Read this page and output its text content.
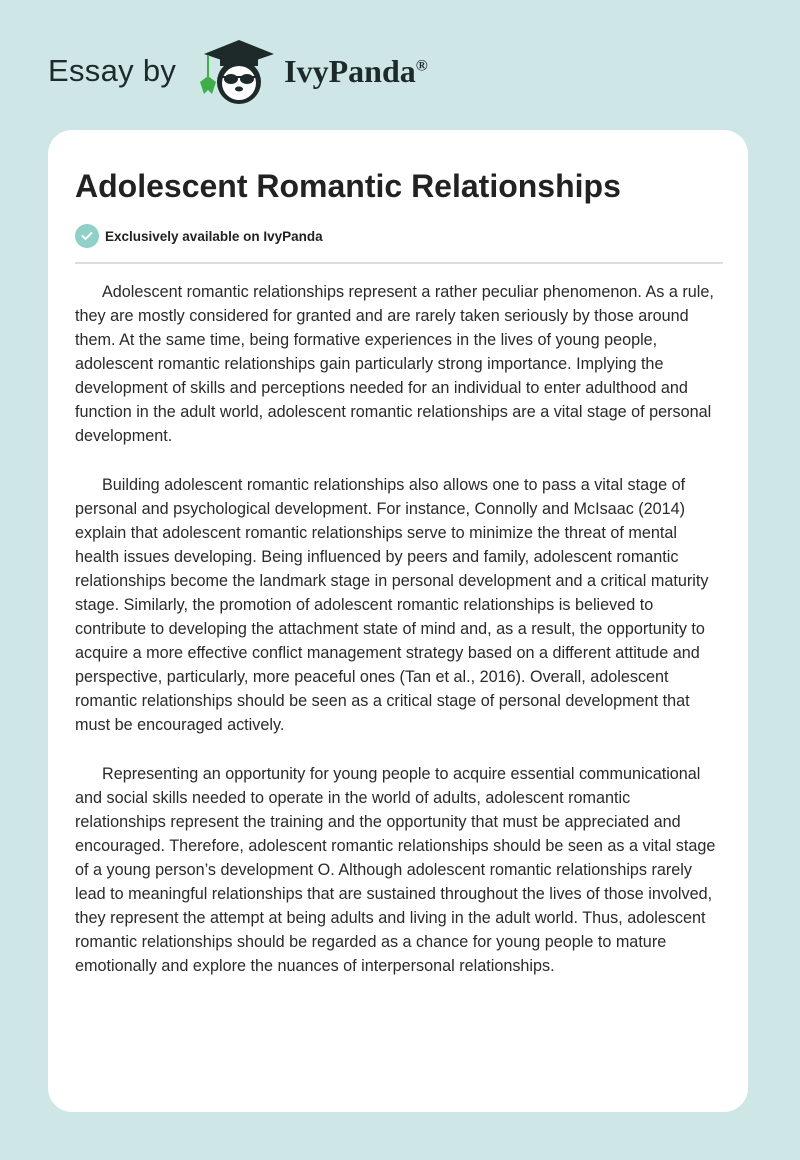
Essay by	IvyPanda®
Adolescent Romantic Relationships
Exclusively available on IvyPanda

Adolescent romantic relationships represent a rather peculiar phenomenon. As a rule, they are mostly considered for granted and are rarely taken seriously by those around them. At the same time, being formative experiences in the lives of young people, adolescent romantic relationships gain particularly strong importance. Implying the development of skills and perceptions needed for an individual to enter adulthood and function in the adult world, adolescent romantic relationships are a vital stage of personal development.

Building adolescent romantic relationships also allows one to pass a vital stage of personal and psychological development. For instance, Connolly and McIsaac (2014) explain that adolescent romantic relationships serve to minimize the threat of mental health issues developing. Being influenced by peers and family, adolescent romantic relationships become the landmark stage in personal development and a critical maturity stage. Similarly, the promotion of adolescent romantic relationships is believed to contribute to developing the attachment state of mind and, as a result, the opportunity to acquire a more effective conflict management strategy based on a different attitude and perspective, particularly, more peaceful ones (Tan et al., 2016). Overall, adolescent romantic relationships should be seen as a critical stage of personal development that must be encouraged actively.

Representing an opportunity for young people to acquire essential communicational and social skills needed to operate in the world of adults, adolescent romantic relationships represent the training and the opportunity that must be appreciated and encouraged. Therefore, adolescent romantic relationships should be seen as a vital stage of a young person’s development O. Although adolescent romantic relationships rarely lead to meaningful relationships that are sustained throughout the lives of those involved, they represent the attempt at being adults and living in the adult world. Thus, adolescent romantic relationships should be regarded as a chance for young people to mature emotionally and explore the nuances of interpersonal relationships.
